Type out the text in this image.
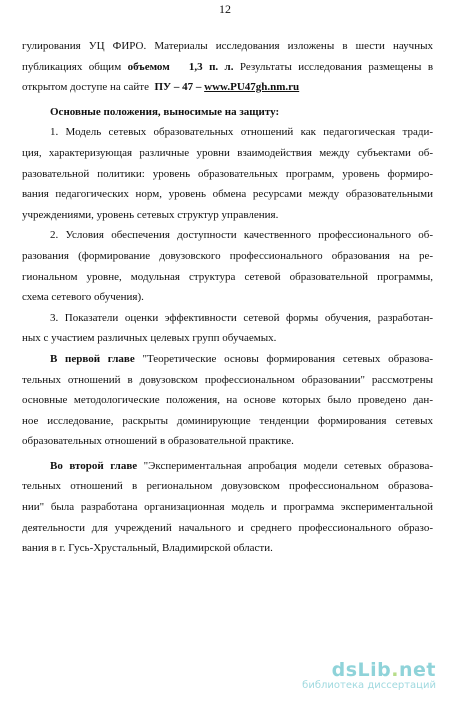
12
гулирования УЦ ФИРО. Материалы исследования изложены в шести научных
публикациях общим объемом 1,3 п. л. Результаты исследования размещены в
открытом доступе на сайте  ПУ – 47 – www.PU47gh.nm.ru
Основные положения, выносимые на защиту:
1. Модель сетевых образовательных отношений как педагогическая тради-
ция, характеризующая различные уровни взаимодействия между субъектами об-
разовательной политики: уровень образовательных программ, уровень формиро-
вания педагогических норм, уровень обмена ресурсами между образовательными
учреждениями, уровень сетевых структур управления.
2. Условия обеспечения доступности качественного профессионального об-
разования (формирование довузовского профессионального образования на ре-
гиональном уровне, модульная структура сетевой образовательной программы,
схема сетевого обучения).
3. Показатели оценки эффективности сетевой формы обучения, разработан-
ных с участием различных целевых групп обучаемых.
В первой главе "Теоретические основы формирования сетевых образова-
тельных отношений в довузовском профессиональном образовании" рассмотрены
основные методологические положения, на основе которых было проведено дан-
ное исследование, раскрыты доминирующие тенденции формирования сетевых
образовательных отношений в образовательной практике.
Во второй главе "Экспериментальная апробация модели сетевых образова-
тельных отношений в региональном довузовском профессиональном образова-
нии" была разработана организационная модель и программа экспериментальной
деятельности для учреждений начального и среднего профессионального образо-
вания в г. Гусь-Хрустальный, Владимирской области.
dsLib.net
библиотека диссертаций
